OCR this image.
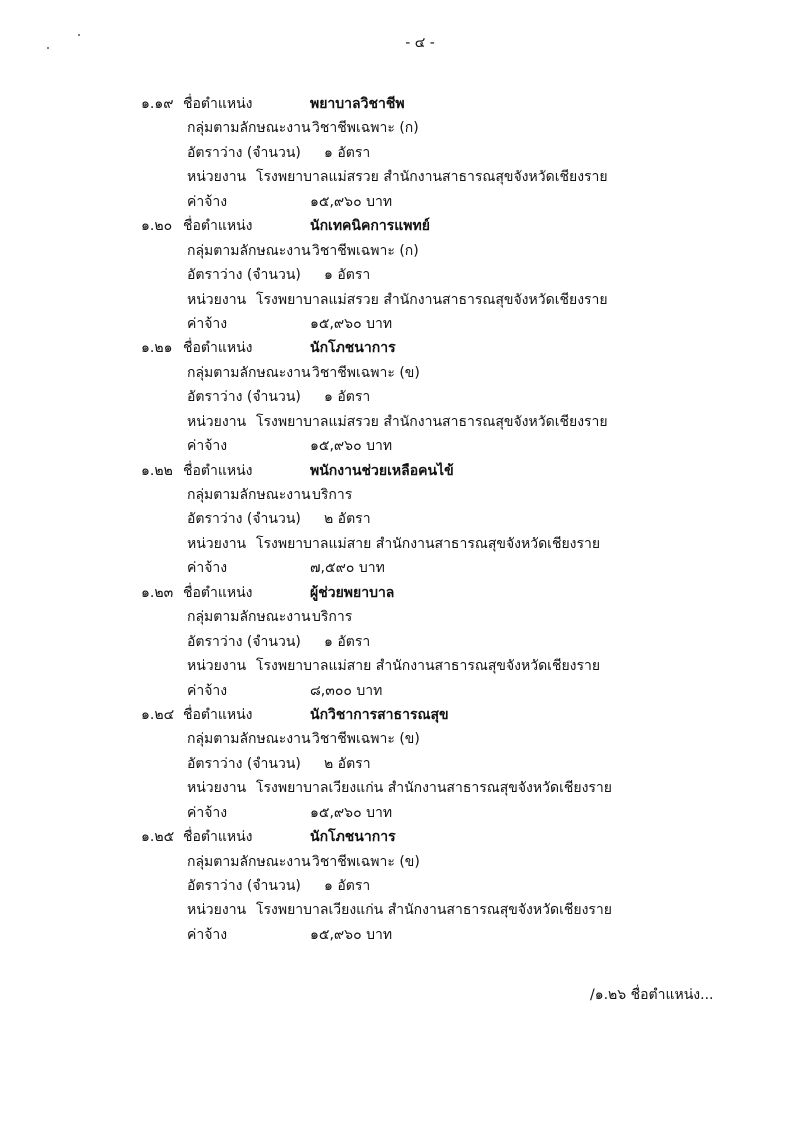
- ๔ -
๑.๑๙ ชื่อตำแหน่ง	พยาบาลวิชาชีพ
กลุ่มตามลักษณะงาน วิชาชีพเฉพาะ (ก)
อัตราว่าง (จำนวน) ๑ อัตรา
หน่วยงาน โรงพยาบาลแม่สรวย สำนักงานสาธารณสุขจังหวัดเชียงราย
ค่าจ้าง	๑๕,๙๖๐ บาท
๑.๒๐ ชื่อตำแหน่ง	นักเทคนิคการแพทย์
กลุ่มตามลักษณะงาน วิชาชีพเฉพาะ (ก)
อัตราว่าง (จำนวน) ๑ อัตรา
หน่วยงาน โรงพยาบาลแม่สรวย สำนักงานสาธารณสุขจังหวัดเชียงราย
ค่าจ้าง	๑๕,๙๖๐ บาท
๑.๒๑ ชื่อตำแหน่ง	นักโภชนาการ
กลุ่มตามลักษณะงาน วิชาชีพเฉพาะ (ข)
อัตราว่าง (จำนวน) ๑ อัตรา
หน่วยงาน โรงพยาบาลแม่สรวย สำนักงานสาธารณสุขจังหวัดเชียงราย
ค่าจ้าง	๑๕,๙๖๐ บาท
๑.๒๒ ชื่อตำแหน่ง	พนักงานช่วยเหลือคนไข้
กลุ่มตามลักษณะงาน บริการ
อัตราว่าง (จำนวน) ๒ อัตรา
หน่วยงาน โรงพยาบาลแม่สาย สำนักงานสาธารณสุขจังหวัดเชียงราย
ค่าจ้าง	๗,๕๙๐ บาท
๑.๒๓ ชื่อตำแหน่ง	ผู้ช่วยพยาบาล
กลุ่มตามลักษณะงาน บริการ
อัตราว่าง (จำนวน) ๑ อัตรา
หน่วยงาน โรงพยาบาลแม่สาย สำนักงานสาธารณสุขจังหวัดเชียงราย
ค่าจ้าง	๘,๓๐๐ บาท
๑.๒๔ ชื่อตำแหน่ง	นักวิชาการสาธารณสุข
กลุ่มตามลักษณะงาน วิชาชีพเฉพาะ (ข)
อัตราว่าง (จำนวน) ๒ อัตรา
หน่วยงาน โรงพยาบาลเวียงแก่น สำนักงานสาธารณสุขจังหวัดเชียงราย
ค่าจ้าง	๑๕,๙๖๐ บาท
๑.๒๕ ชื่อตำแหน่ง	นักโภชนาการ
กลุ่มตามลักษณะงาน วิชาชีพเฉพาะ (ข)
อัตราว่าง (จำนวน) ๑ อัตรา
หน่วยงาน โรงพยาบาลเวียงแก่น สำนักงานสาธารณสุขจังหวัดเชียงราย
ค่าจ้าง	๑๕,๙๖๐ บาท
/๑.๒๖ ชื่อตำแหน่ง...
